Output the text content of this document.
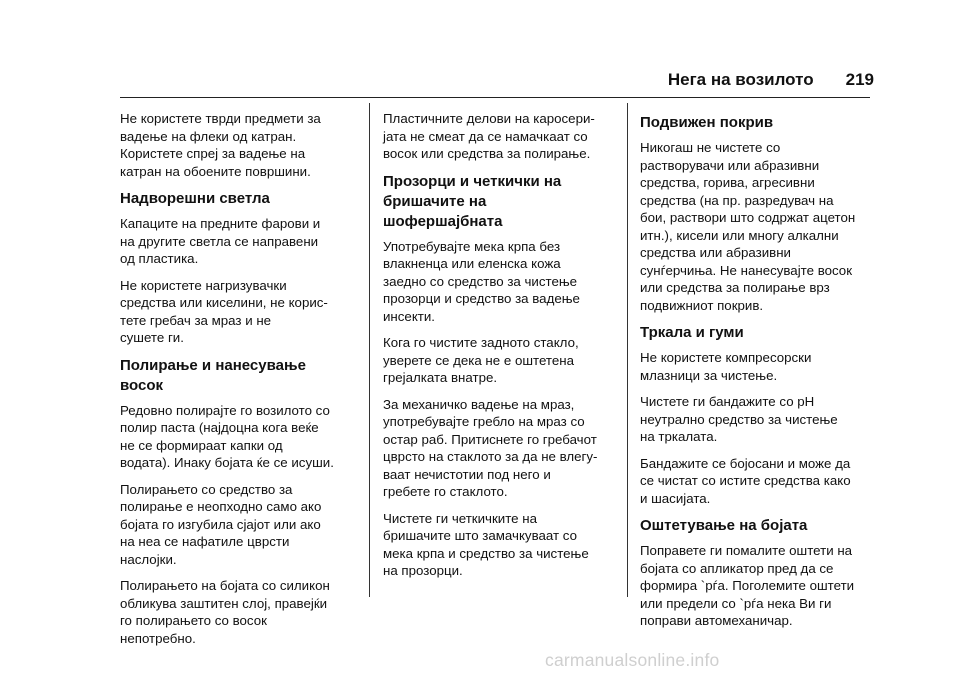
Нега на возилото 219

Не користете тврди предмети за
вадење на флеки од катран.
Користете спреј за вадење на
катран на обоените површини.

Надворешни светла

Капаците на предните фарови и
на другите светла се направени
од пластика.

Не користете нагризувачки
средства или киселини, не корис-
тете гребач за мраз и не
сушете ги.

Полирање и нанесување
восок

Редовно полирајте го возилото со
полир паста (најдоцна кога веќе
не се формираат капки од
водата). Инаку бојата ќе се исуши.

Полирањето со средство за
полирање е неопходно само ако
бојата го изгубила сјајот или ако
на неа се нафатиле цврсти
наслојки.

Полирањето на бојата со силикон
обликува заштитен слој, правејќи
го полирањето со восок
непотребно.

Пластичните делови на каросери-
јата не смеат да се намачкаат со
восок или средства за полирање.

Прозорци и четкички на
бришачите на
шофершајбната

Употребувајте мека крпа без
влакненца или еленска кожа
заедно со средство за чистење
прозорци и средство за вадење
инсекти.

Кога го чистите задното стакло,
уверете се дека не е оштетена
грејалката внатре.

За механичко вадење на мраз,
употребувајте гребло на мраз со
остар раб. Притиснете го гребачот
цврсто на стаклото за да не влегу-
ваат нечистотии под него и
гребете го стаклото.

Чистете ги четкичките на
бришачите што замачкуваат со
мека крпа и средство за чистење
на прозорци.

Подвижен покрив

Никогаш не чистете со
растворувачи или абразивни
средства, горива, агресивни
средства (на пр. разредувач на
бои, раствори што содржат ацетон
итн.), кисели или многу алкални
средства или абразивни
сунѓерчиња. Не нанесувајте восок
или средства за полирање врз
подвижниот покрив.

Тркала и гуми

Не користете компресорски
млазници за чистење.

Чистете ги бандажите со pH
неутрално средство за чистење
на тркалата.

Бандажите се бојосани и може да
се чистат со истите средства како
и шасијата.

Оштетување на бојата

Поправете ги помалите оштети на
бојата со апликатор пред да се
формира `рѓа. Поголемите оштети
или предели со `рѓа нека Ви ги
поправи автомеханичар.

carmanualsonline.info
